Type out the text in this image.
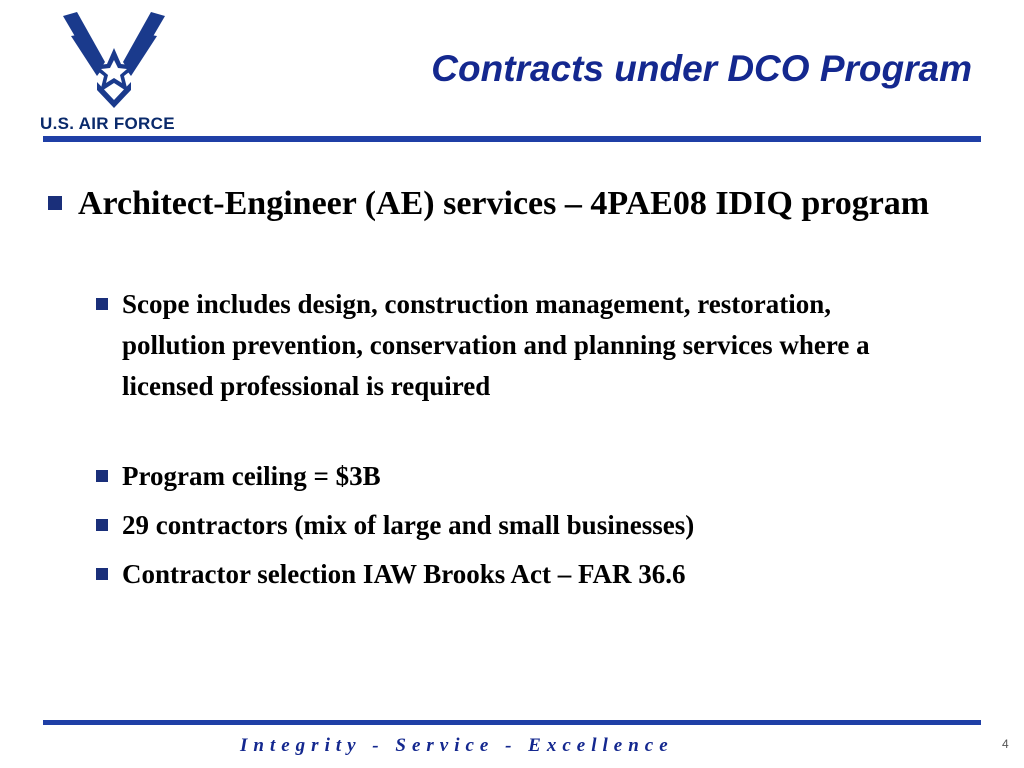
U.S. AIR FORCE
Contracts under DCO Program
Architect-Engineer (AE) services – 4PAE08 IDIQ program
Scope includes design, construction management, restoration, pollution prevention, conservation and planning services where a licensed professional is required
Program ceiling = $3B
29 contractors (mix of large and small businesses)
Contractor selection IAW Brooks Act – FAR 36.6
Integrity - Service - Excellence	4
